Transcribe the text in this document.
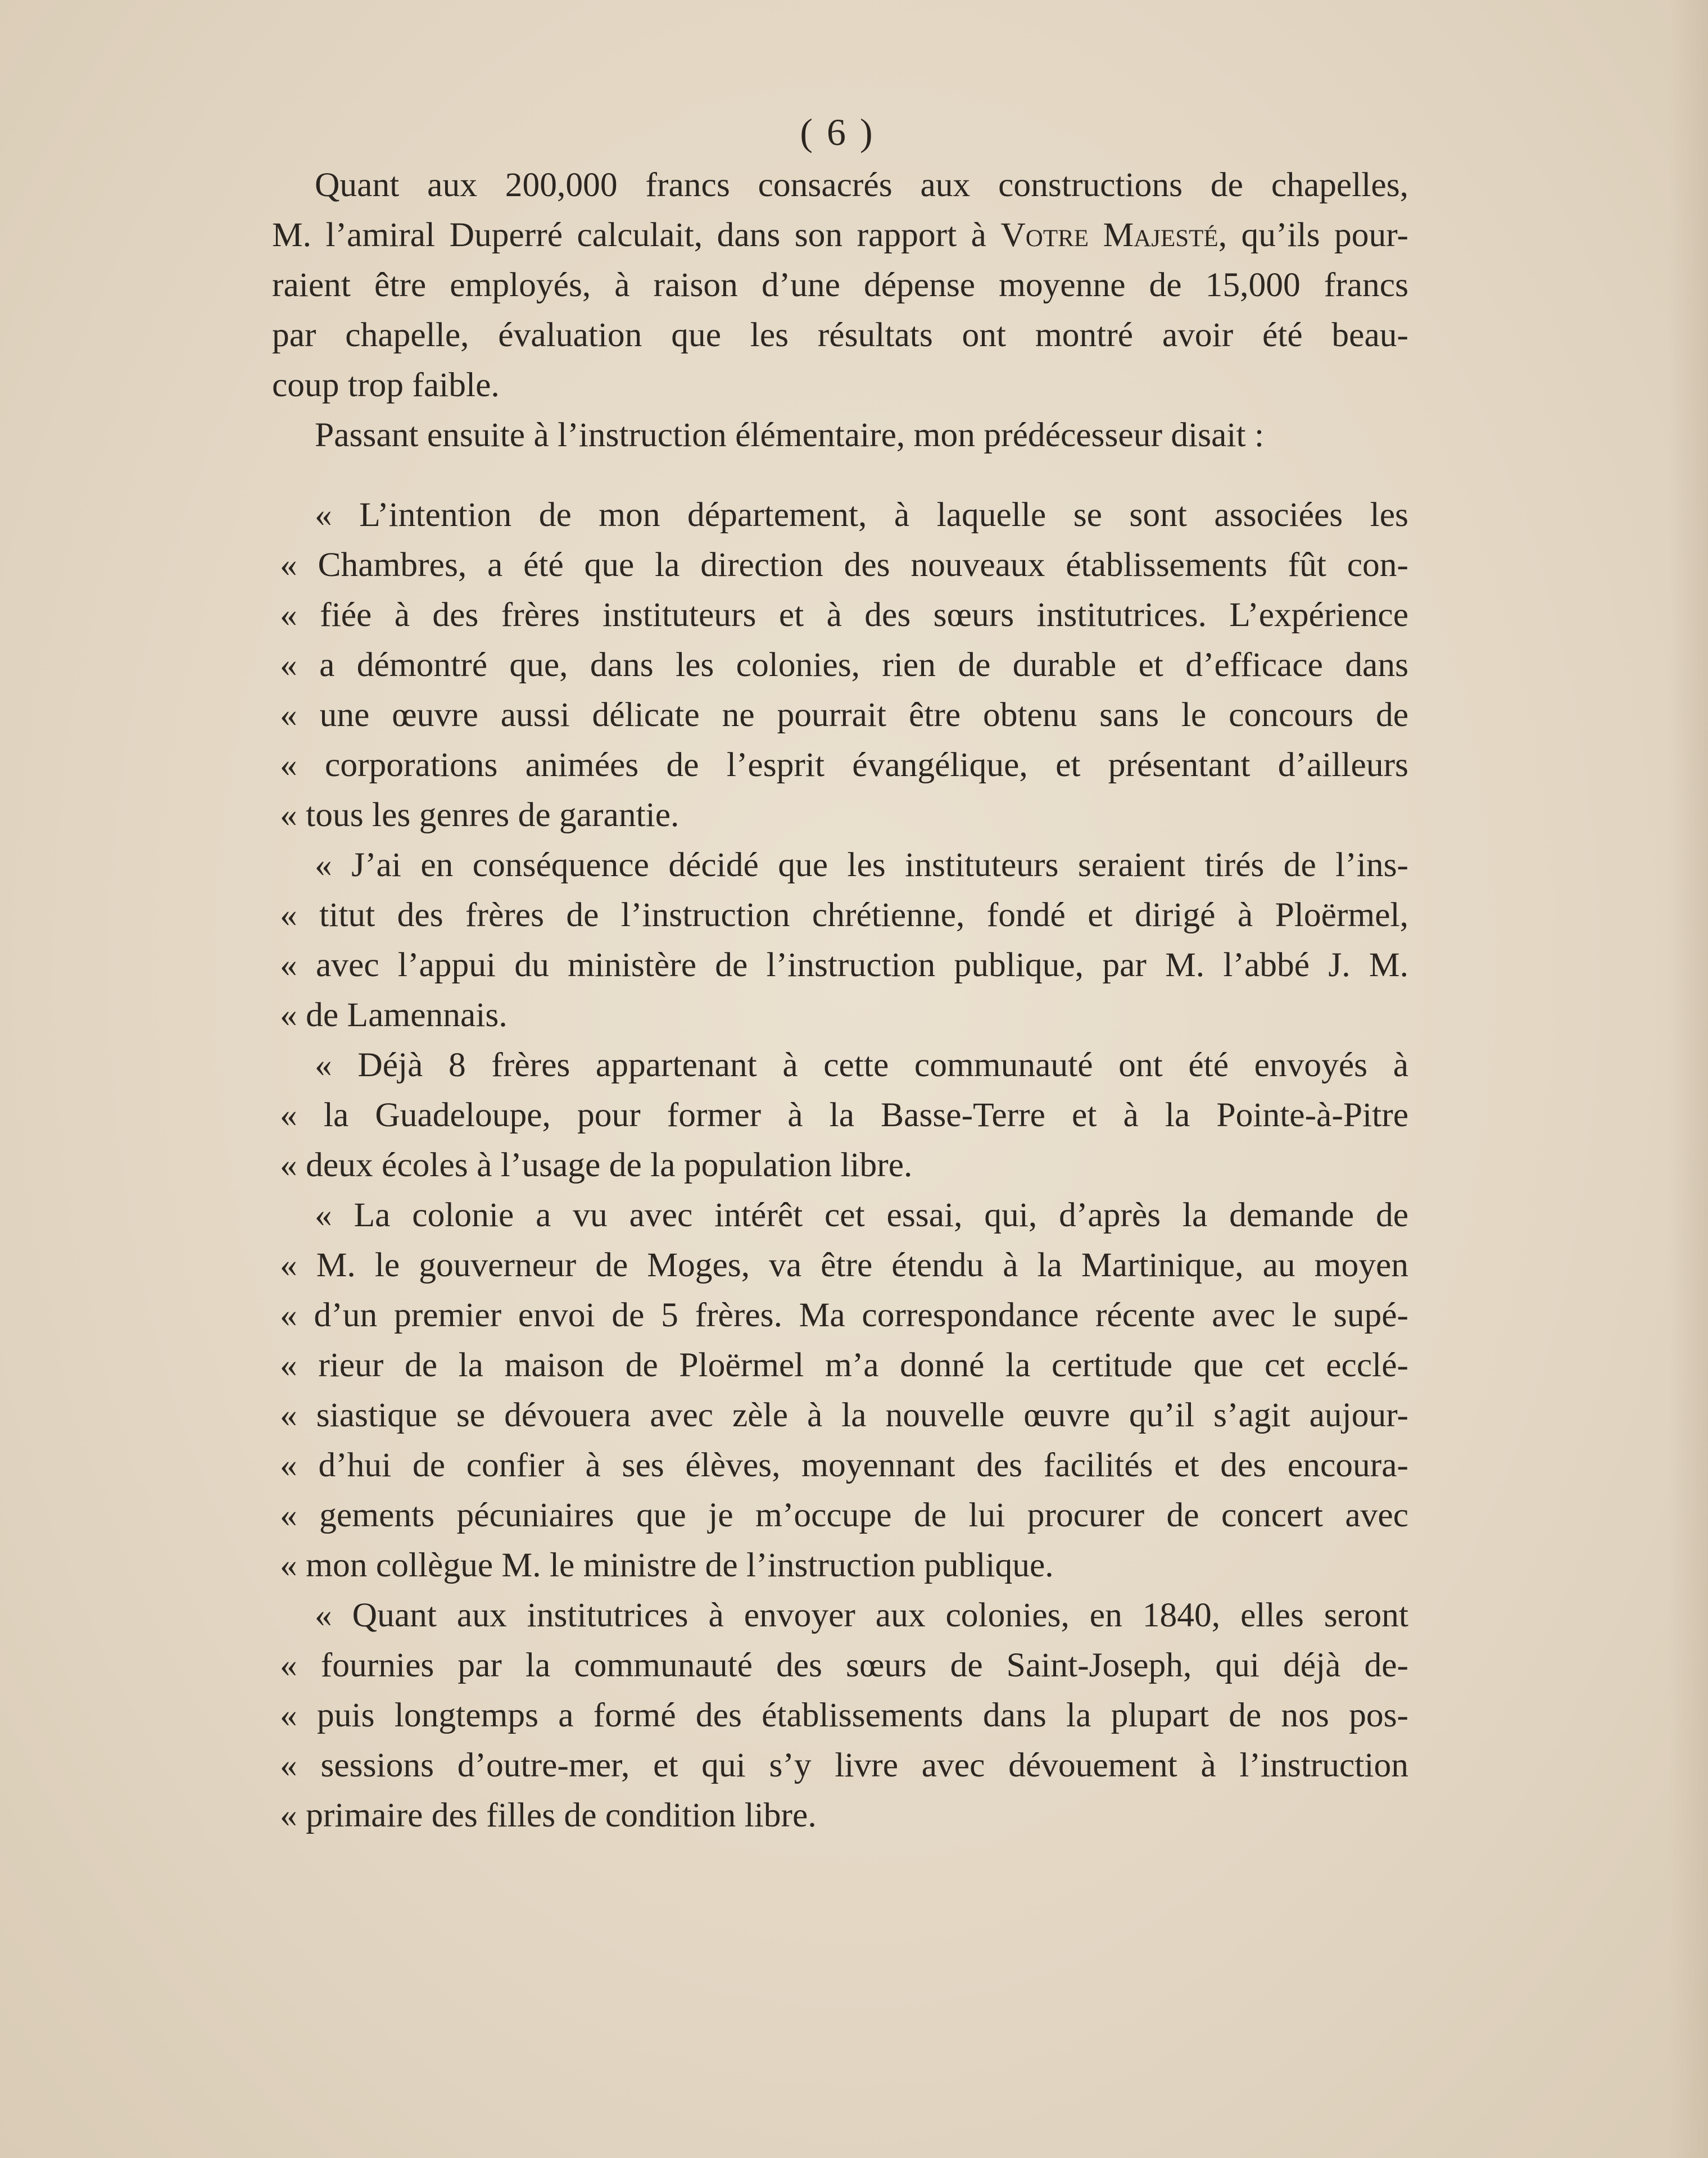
( 6 )

Quant aux 200,000 francs consacrés aux constructions de chapelles,
M. l’amiral Duperré calculait, dans son rapport à Votre Majesté, qu’ils pour-
raient être employés, à raison d’une dépense moyenne de 15,000 francs
par chapelle, évaluation que les résultats ont montré avoir été beau-
coup trop faible.
Passant ensuite à l’instruction élémentaire, mon prédécesseur disait :
« L’intention de mon département, à laquelle se sont associées les
« Chambres, a été que la direction des nouveaux établissements fût con-
« fiée à des frères instituteurs et à des sœurs institutrices. L’expérience
« a démontré que, dans les colonies, rien de durable et d’efficace dans
« une œuvre aussi délicate ne pourrait être obtenu sans le concours de
« corporations animées de l’esprit évangélique, et présentant d’ailleurs
« tous les genres de garantie.
« J’ai en conséquence décidé que les instituteurs seraient tirés de l’ins-
« titut des frères de l’instruction chrétienne, fondé et dirigé à Ploërmel,
« avec l’appui du ministère de l’instruction publique, par M. l’abbé J. M.
« de Lamennais.
« Déjà 8 frères appartenant à cette communauté ont été envoyés à
« la Guadeloupe, pour former à la Basse-Terre et à la Pointe-à-Pitre
« deux écoles à l’usage de la population libre.
« La colonie a vu avec intérêt cet essai, qui, d’après la demande de
« M. le gouverneur de Moges, va être étendu à la Martinique, au moyen
« d’un premier envoi de 5 frères. Ma correspondance récente avec le supé-
« rieur de la maison de Ploërmel m’a donné la certitude que cet ecclé-
« siastique se dévouera avec zèle à la nouvelle œuvre qu’il s’agit aujour-
« d’hui de confier à ses élèves, moyennant des facilités et des encoura-
« gements pécuniaires que je m’occupe de lui procurer de concert avec
« mon collègue M. le ministre de l’instruction publique.
« Quant aux institutrices à envoyer aux colonies, en 1840, elles seront
« fournies par la communauté des sœurs de Saint-Joseph, qui déjà de-
« puis longtemps a formé des établissements dans la plupart de nos pos-
« sessions d’outre-mer, et qui s’y livre avec dévouement à l’instruction
« primaire des filles de condition libre.
